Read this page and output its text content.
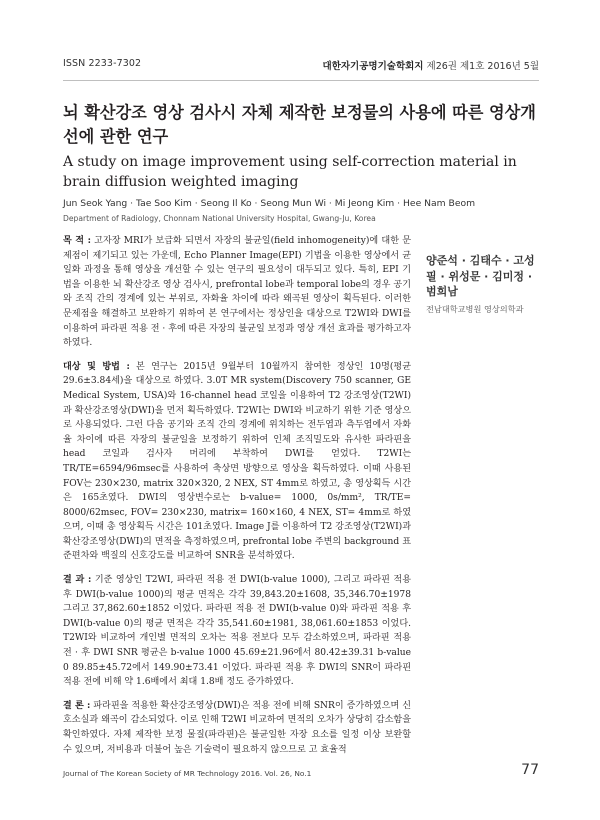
ISSN 2233-7302	대한자기공명기술학회지 제26권 제1호 2016년 5월
뇌 확산강조 영상 검사시 자체 제작한 보정물의 사용에 따른 영상개선에 관한 연구
A study on image improvement using self-correction material in brain diffusion weighted imaging
Jun Seok Yang · Tae Soo Kim · Seong Il Ko · Seong Mun Wi · Mi Jeong Kim · Hee Nam Beom
Department of Radiology, Chonnam National University Hospital, Gwang-Ju, Korea

목 적 : 고자장 MRI가 보급화 되면서 자장의 불균일(field inhomogeneity)에 대한 문제점이 제기되고 있는 가운데, Echo Planner Image(EPI) 기법을 이용한 영상에서 균일화 과정을 통해 영상을 개선할 수 있는 연구의 필요성이 대두되고 있다. 특히, EPI 기법을 이용한 뇌 확산강조 영상 검사시, prefrontal lobe과 temporal lobe의 경우 공기와 조직 간의 경계에 있는 부위로, 자화율 차이에 따라 왜곡된 영상이 획득된다. 이러한 문제점을 해결하고 보완하기 위하여 본 연구에서는 정상인을 대상으로 T2WI와 DWI를 이용하여 파라핀 적용 전 · 후에 따른 자장의 불균일 보정과 영상 개선 효과를 평가하고자 하였다.

대상 및 방법 : 본 연구는 2015년 9월부터 10월까지 참여한 정상인 10명(평균 29.6±3.84세)을 대상으로 하였다. 3.0T MR system(Discovery 750 scanner, GE Medical System, USA)와 16-channel head 코일을 이용하여 T2 강조영상(T2WI)과 확산강조영상(DWI)을 먼저 획득하였다. T2WI는 DWI와 비교하기 위한 기준 영상으로 사용되었다. 그런 다음 공기와 조직 간의 경계에 위치하는 전두엽과 측두엽에서 자화율 차이에 따른 자장의 불균일을 보정하기 위하여 인체 조직밀도와 유사한 파라핀을 head 코일과 검사자 머리에 부착하여 DWI를 얻었다. T2WI는 TR/TE=6594/96msec를 사용하여 축상면 방향으로 영상을 획득하였다. 이때 사용된 FOV는 230×230, matrix 320×320, 2 NEX, ST 4mm로 하였고, 총 영상획득 시간은 165초였다. DWI의 영상변수로는 b-value= 1000, 0s/mm², TR/TE= 8000/62msec, FOV= 230×230, matrix= 160×160, 4 NEX, ST= 4mm로 하였으며, 이때 총 영상획득 시간은 101초였다. Image J를 이용하여 T2 강조영상(T2WI)과 확산강조영상(DWI)의 면적을 측정하였으며, prefrontal lobe 주변의 background 표준편차와 백질의 신호강도를 비교하여 SNR을 분석하였다.

결 과 : 기준 영상인 T2WI, 파라핀 적용 전 DWI(b-value 1000), 그리고 파라핀 적용 후 DWI(b-value 1000)의 평균 면적은 각각 39,843.20±1608, 35,346.70±1978 그리고 37,862.60±1852 이었다. 파라핀 적용 전 DWI(b-value 0)와 파라핀 적용 후 DWI(b-value 0)의 평균 면적은 각각 35,541.60±1981, 38,061.60±1853 이었다. T2WI와 비교하여 개인별 면적의 오차는 적용 전보다 모두 감소하였으며, 파라핀 적용 전 · 후 DWI SNR 평균은 b-value 1000 45.69±21.96에서 80.42±39.31 b-value 0 89.85±45.72에서 149.90±73.41 이었다. 파라핀 적용 후 DWI의 SNR이 파라핀 적용 전에 비해 약 1.6배에서 최대 1.8배 정도 증가하였다.

결 론 : 파라핀을 적용한 확산강조영상(DWI)은 적용 전에 비해 SNR이 증가하였으며 신호소실과 왜곡이 감소되었다. 이로 인해 T2WI 비교하여 면적의 오차가 상당히 감소함을 확인하였다. 자체 제작한 보정 물질(파라핀)은 불균일한 자장 요소를 일정 이상 보완할 수 있으며, 저비용과 더불어 높은 기술력이 필요하지 않으므로 고 효율적

양준석 · 김태수 · 고성필 · 위성문 · 김미정 · 범희남
전남대학교병원 영상의학과
Journal of The Korean Society of MR Technology 2016. Vol. 26, No.1	77
